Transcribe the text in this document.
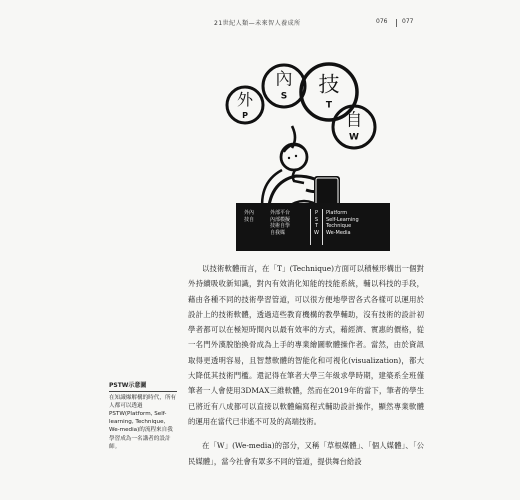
21世紀人類—未來智人養成所	076 077
外
P
內
S 技
T
自
W
外內
技自
外部平台
內部模擬
技術自學
自我媒
P
S
T
W
Platform
Self-Learning
Technique
We-Media

以技術軟體而言，在「T」(Technique)方面可以積極形構出一個對外持續吸收新知識，對內有效消化知能的技能系統，輔以科技的手段，藉由各種不同的技術學習管道，可以很方便地學習各式各樣可以運用於設計上的技術軟體，透過這些教育機構的教學輔助，沒有技術的設計初學者都可以在極短時間內以最有效率的方式，藉經濟、實惠的價格，從一名門外漢脫胎換骨成為上手的專業繪圖軟體操作者。當然，由於資訊取得更透明容易，且智慧軟體的智能化和可視化(visualization)，都大大降低其技術門檻。還記得在筆者大學三年級求學時期，建築系全班僅筆者一人會使用3DMAX三維軟體，然而在2019年的當下，筆者的學生已將近有八成都可以直接以軟體編寫程式輔助設計操作，顯然專業軟體的運用在當代已非遙不可及的高端技術。

在「W」(We-media)的部分，又稱「草根媒體」、「個人媒體」、「公民媒體」，當今社會有眾多不同的管道，提供舞台給設

PSTW示意圖
在知識爆解構的時代，所有人都可以透過PSTW(Platform, Self-learning, Technique, We-media)的流程來自我學習成為一名講者的設計師。
